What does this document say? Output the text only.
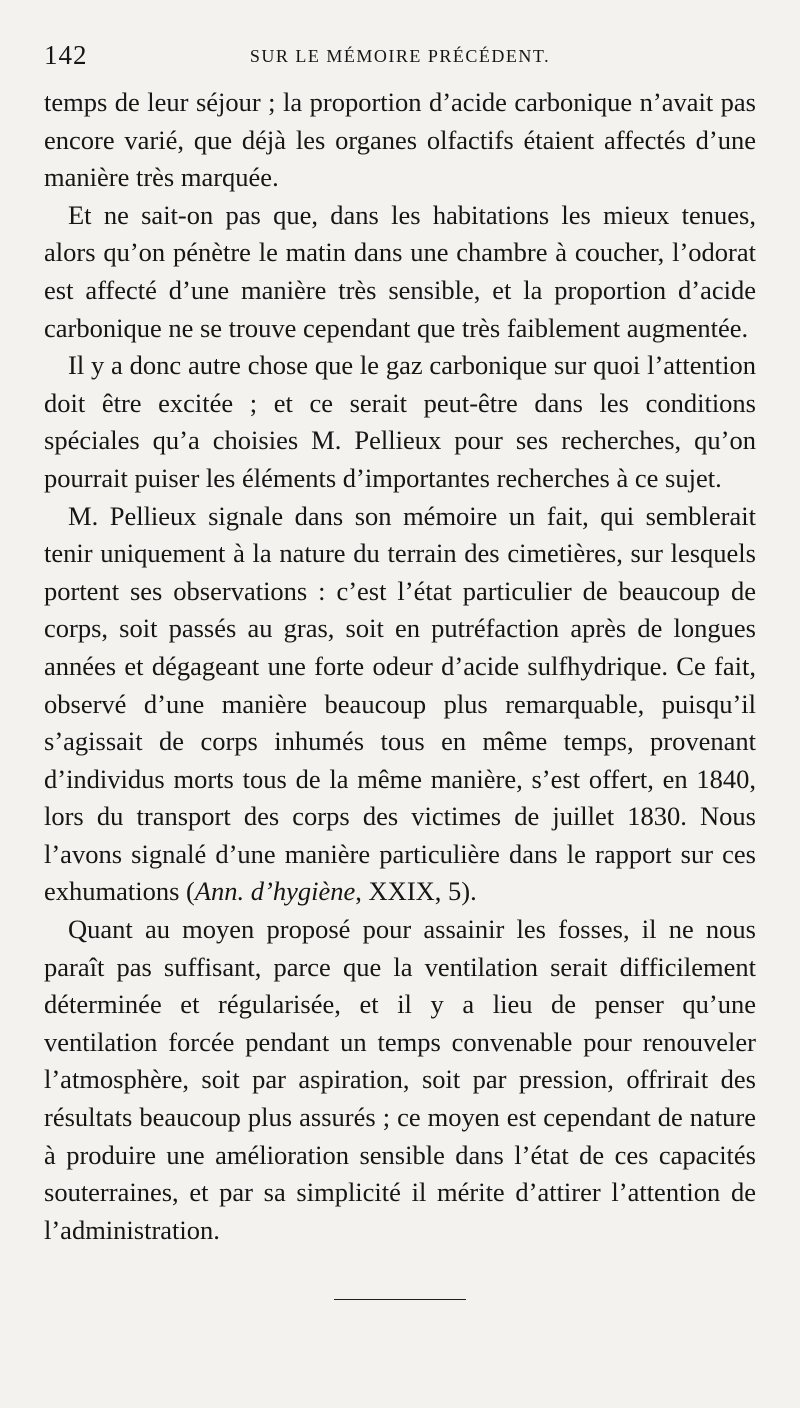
142	SUR LE MÉMOIRE PRÉCÉDENT.

temps de leur séjour ; la proportion d’acide carbonique n’avait pas encore varié, que déjà les organes olfactifs étaient affectés d’une manière très marquée.

Et ne sait-on pas que, dans les habitations les mieux tenues, alors qu’on pénètre le matin dans une chambre à coucher, l’odorat est affecté d’une manière très sensible, et la proportion d’acide carbonique ne se trouve cependant que très faiblement augmentée.

Il y a donc autre chose que le gaz carbonique sur quoi l’attention doit être excitée ; et ce serait peut-être dans les conditions spéciales qu’a choisies M. Pellieux pour ses recherches, qu’on pourrait puiser les éléments d’importantes recherches à ce sujet.

M. Pellieux signale dans son mémoire un fait, qui semblerait tenir uniquement à la nature du terrain des cimetières, sur lesquels portent ses observations : c’est l’état particulier de beaucoup de corps, soit passés au gras, soit en putréfaction après de longues années et dégageant une forte odeur d’acide sulfhydrique. Ce fait, observé d’une manière beaucoup plus remarquable, puisqu’il s’agissait de corps inhumés tous en même temps, provenant d’individus morts tous de la même manière, s’est offert, en 1840, lors du transport des corps des victimes de juillet 1830. Nous l’avons signalé d’une manière particulière dans le rapport sur ces exhumations (Ann. d’hygiène, XXIX, 5).

Quant au moyen proposé pour assainir les fosses, il ne nous paraît pas suffisant, parce que la ventilation serait difficilement déterminée et régularisée, et il y a lieu de penser qu’une ventilation forcée pendant un temps convenable pour renouveler l’atmosphère, soit par aspiration, soit par pression, offrirait des résultats beaucoup plus assurés ; ce moyen est cependant de nature à produire une amélioration sensible dans l’état de ces capacités souterraines, et par sa simplicité il mérite d’attirer l’attention de l’administration.
